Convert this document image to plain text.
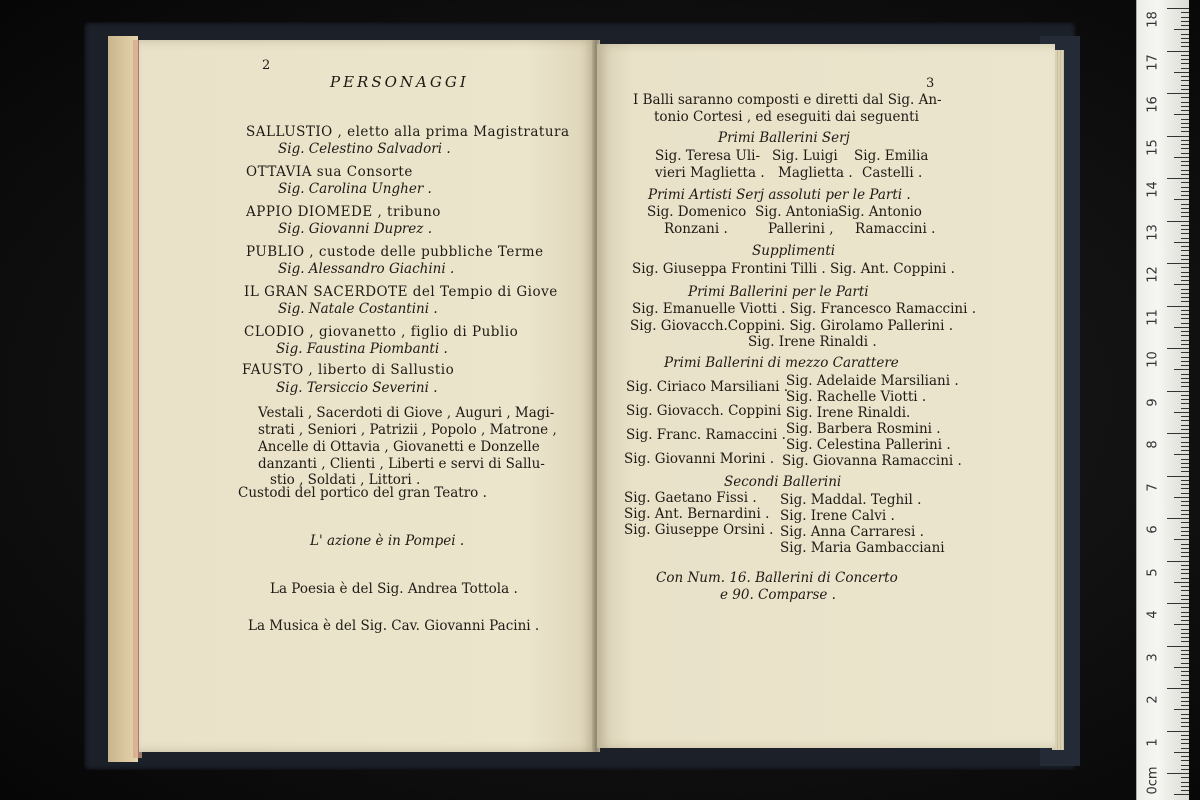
2
PERSONAGGI
SALLUSTIO , eletto alla prima Magistratura
Sig. Celestino Salvadori .
OTTAVIA sua Consorte
Sig. Carolina Ungher .
APPIO DIOMEDE , tribuno
Sig. Giovanni Duprez .
PUBLIO , custode delle pubbliche Terme
Sig. Alessandro Giachini .
IL GRAN SACERDOTE del Tempio di Giove
Sig. Natale Costantini .
CLODIO , giovanetto , figlio di Publio
Sig. Faustina Piombanti .
FAUSTO , liberto di Sallustio
Sig. Tersiccio Severini .
Vestali , Sacerdoti di Giove , Auguri , Magi-
strati , Seniori , Patrizii , Popolo , Matrone ,
Ancelle di Ottavia , Giovanetti e Donzelle
danzanti , Clienti , Liberti e servi di Sallu-
stio , Soldati , Littori .
Custodi del portico del gran Teatro .
L' azione è in Pompei .
La Poesia è del Sig. Andrea Tottola .
La Musica è del Sig. Cav. Giovanni Pacini .
3
I Balli saranno composti e diretti dal Sig. An-
tonio Cortesi , ed eseguiti dai seguenti
Primi Ballerini Serj
Sig. Teresa Uli-
vieri Maglietta .
Sig. Luigi
Maglietta .
Sig. Emilia
Castelli .
Primi Artisti Serj assoluti per le Parti .
Sig. Domenico
Ronzani .
Sig. Antonia
Pallerini ,
Sig. Antonio
Ramaccini .
Supplimenti
Sig. Giuseppa Frontini Tilli . Sig. Ant. Coppini .
Primi Ballerini per le Parti
Sig. Emanuelle Viotti . Sig. Francesco Ramaccini .
Sig. Giovacch.Coppini. Sig. Girolamo Pallerini .
Sig. Irene Rinaldi .
Primi Ballerini di mezzo Carattere
Sig. Ciriaco Marsiliani .
Sig. Giovacch. Coppini .
Sig. Franc. Ramaccini .
Sig. Giovanni Morini .
Sig. Adelaide Marsiliani .
Sig. Rachelle Viotti .
Sig. Irene Rinaldi.
Sig. Barbera Rosmini .
Sig. Celestina Pallerini .
Sig. Giovanna Ramaccini .
Secondi Ballerini
Sig. Gaetano Fissi .
Sig. Ant. Bernardini .
Sig. Giuseppe Orsini .
Sig. Maddal. Teghil .
Sig. Irene Calvi .
Sig. Anna Carraresi .
Sig. Maria Gambacciani
Con Num. 16. Ballerini di Concerto
e 90. Comparse .
18
17
16
15
14
13
12
11
10
9
8
7
6
5
4
3
2
1
0cm
